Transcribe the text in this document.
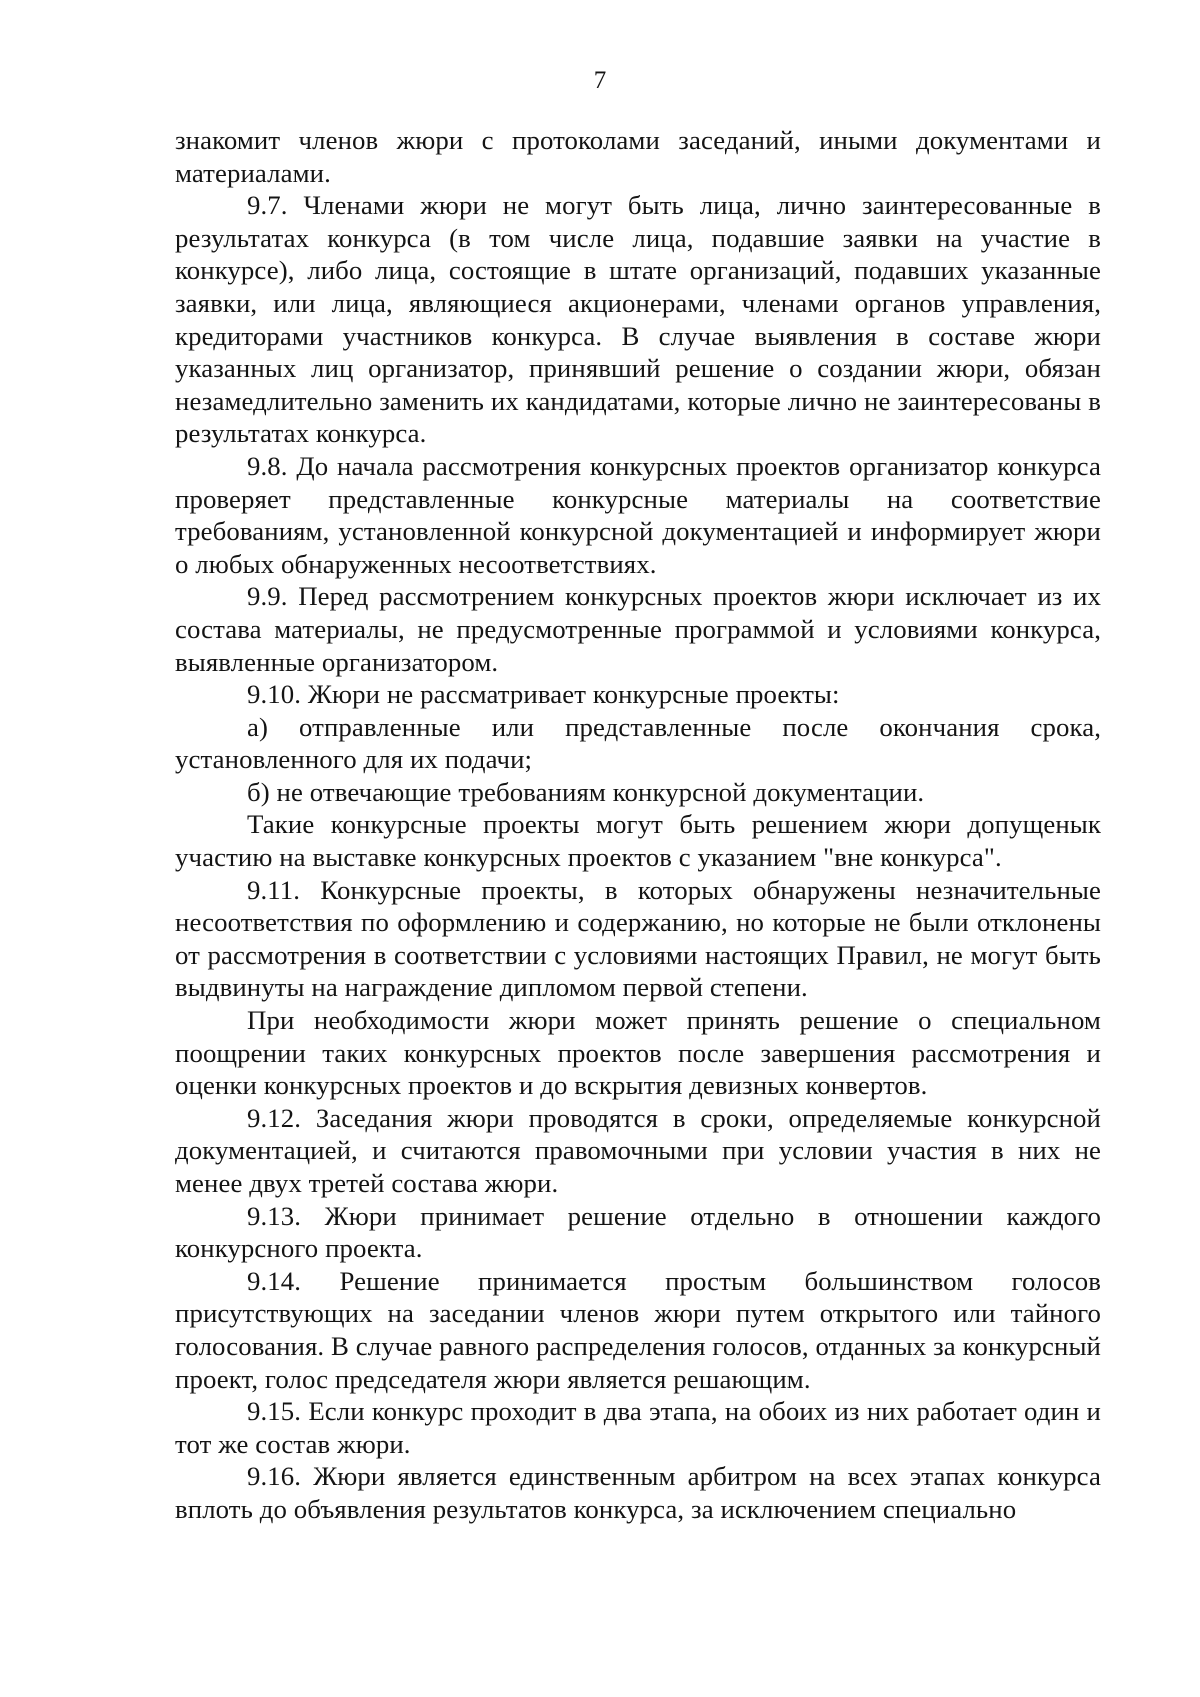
7

знакомит членов жюри с протоколами заседаний, иными документами и материалами.

9.7. Членами жюри не могут быть лица, лично заинтересованные в результатах конкурса (в том числе лица, подавшие заявки на участие в конкурсе), либо лица, состоящие в штате организаций, подавших указанные заявки, или лица, являющиеся акционерами, членами органов управления, кредиторами участников конкурса. В случае выявления в составе жюри указанных лиц организатор, принявший решение о создании жюри, обязан незамедлительно заменить их кандидатами, которые лично не заинтересованы в результатах конкурса.

9.8. До начала рассмотрения конкурсных проектов организатор конкурса проверяет представленные конкурсные материалы на соответствие требованиям, установленной конкурсной документацией и информирует жюри о любых обнаруженных несоответствиях.

9.9. Перед рассмотрением конкурсных проектов жюри исключает из их состава материалы, не предусмотренные программой и условиями конкурса, выявленные организатором.

9.10. Жюри не рассматривает конкурсные проекты:

а) отправленные или представленные после окончания срока, установленного для их подачи;

б) не отвечающие требованиям конкурсной документации.

Такие конкурсные проекты могут быть решением жюри допущенык участию на выставке конкурсных проектов с указанием "вне конкурса".

9.11. Конкурсные проекты, в которых обнаружены незначительные несоответствия по оформлению и содержанию, но которые не были отклонены от рассмотрения в соответствии с условиями настоящих Правил, не могут быть выдвинуты на награждение дипломом первой степени.

При необходимости жюри может принять решение о специальном поощрении таких конкурсных проектов после завершения рассмотрения и оценки конкурсных проектов и до вскрытия девизных конвертов.

9.12. Заседания жюри проводятся в сроки, определяемые конкурсной документацией, и считаются правомочными при условии участия в них не менее двух третей состава жюри.

9.13. Жюри принимает решение отдельно в отношении каждого конкурсного проекта.

9.14. Решение принимается простым большинством голосов присутствующих на заседании членов жюри путем открытого или тайного голосования. В случае равного распределения голосов, отданных за конкурсный проект, голос председателя жюри является решающим.

9.15. Если конкурс проходит в два этапа, на обоих из них работает один и тот же состав жюри.

9.16. Жюри является единственным арбитром на всех этапах конкурса вплоть до объявления результатов конкурса, за исключением специально
